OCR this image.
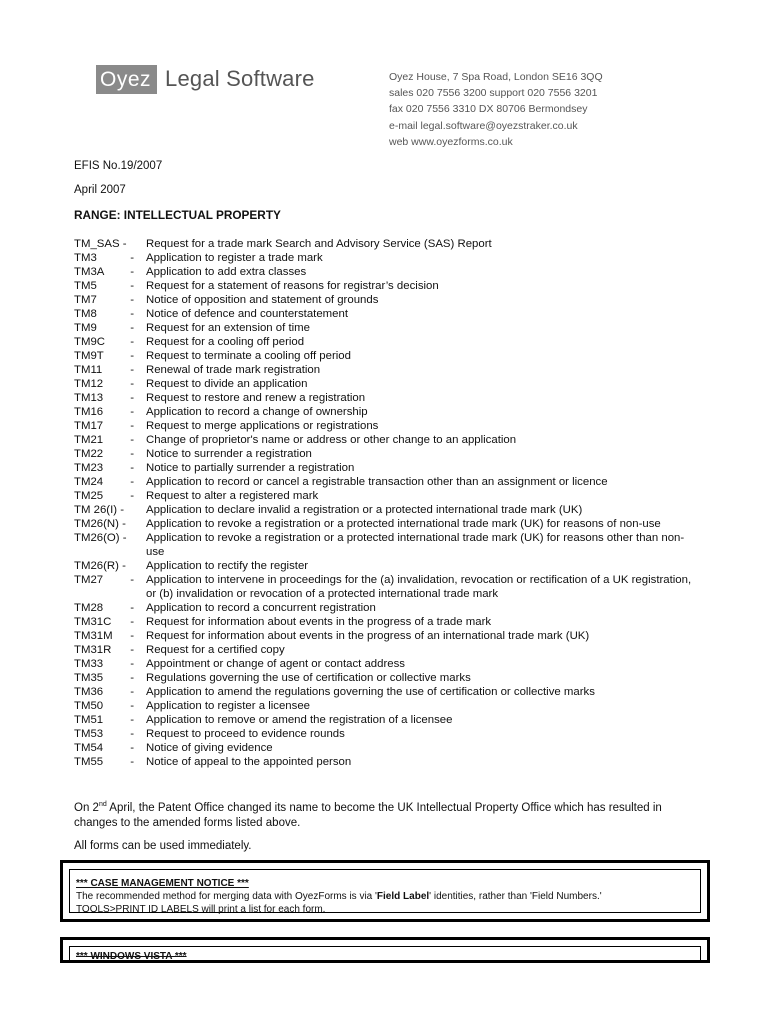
Oyez Legal Software	Oyez House, 7 Spa Road, London SE16 3QQ
sales 020 7556 3200 support 020 7556 3201
fax 020 7556 3310 DX 80706 Bermondsey
e-mail legal.software@oyezstraker.co.uk
web www.oyezforms.co.uk
EFIS No.19/2007
April 2007
RANGE: INTELLECTUAL PROPERTY
TM_SAS -	Request for a trade mark Search and Advisory Service (SAS) Report
TM3	- Application to register a trade mark
TM3A - Application to add extra classes
TM5	- Request for a statement of reasons for registrar’s decision
TM7	- Notice of opposition and statement of grounds
TM8	- Notice of defence and counterstatement
TM9	- Request for an extension of time
TM9C - Request for a cooling off period
TM9T - Request to terminate a cooling off period
TM11 - Renewal of trade mark registration
TM12 - Request to divide an application
TM13 - Request to restore and renew a registration
TM16 - Application to record a change of ownership
TM17 - Request to merge applications or registrations
TM21 - Change of proprietor's name or address or other change to an application
TM22 - Notice to surrender a registration
TM23 - Notice to partially surrender a registration
TM24 - Application to record or cancel a registrable transaction other than an assignment or licence
TM25 - Request to alter a registered mark
TM 26(I) -	Application to declare invalid a registration or a protected international trade mark (UK)
TM26(N) -	Application to revoke a registration or a protected international trade mark (UK) for reasons of non-use
TM26(O) -	Application to revoke a registration or a protected international trade mark (UK) for reasons other than non-use
TM26(R) -	Application to rectify the register
TM27 - Application to intervene in proceedings for the (a) invalidation, revocation or rectification of a UK registration, or (b) invalidation or revocation of a protected international trade mark
TM28 - Application to record a concurrent registration
TM31C - Request for information about events in the progress of a trade mark
TM31M - Request for information about events in the progress of an international trade mark (UK)
TM31R - Request for a certified copy
TM33 - Appointment or change of agent or contact address
TM35 - Regulations governing the use of certification or collective marks
TM36 - Application to amend the regulations governing the use of certification or collective marks
TM50 - Application to register a licensee
TM51 - Application to remove or amend the registration of a licensee
TM53 - Request to proceed to evidence rounds
TM54 - Notice of giving evidence
TM55 - Notice of appeal to the appointed person
On 2nd April, the Patent Office changed its name to become the UK Intellectual Property Office which has resulted in changes to the amended forms listed above.
All forms can be used immediately.
*** CASE MANAGEMENT NOTICE ***
The recommended method for merging data with OyezForms is via 'Field Label' identities, rather than 'Field Numbers.'
TOOLS>PRINT ID LABELS will print a list for each form.
*** WINDOWS VISTA ***
